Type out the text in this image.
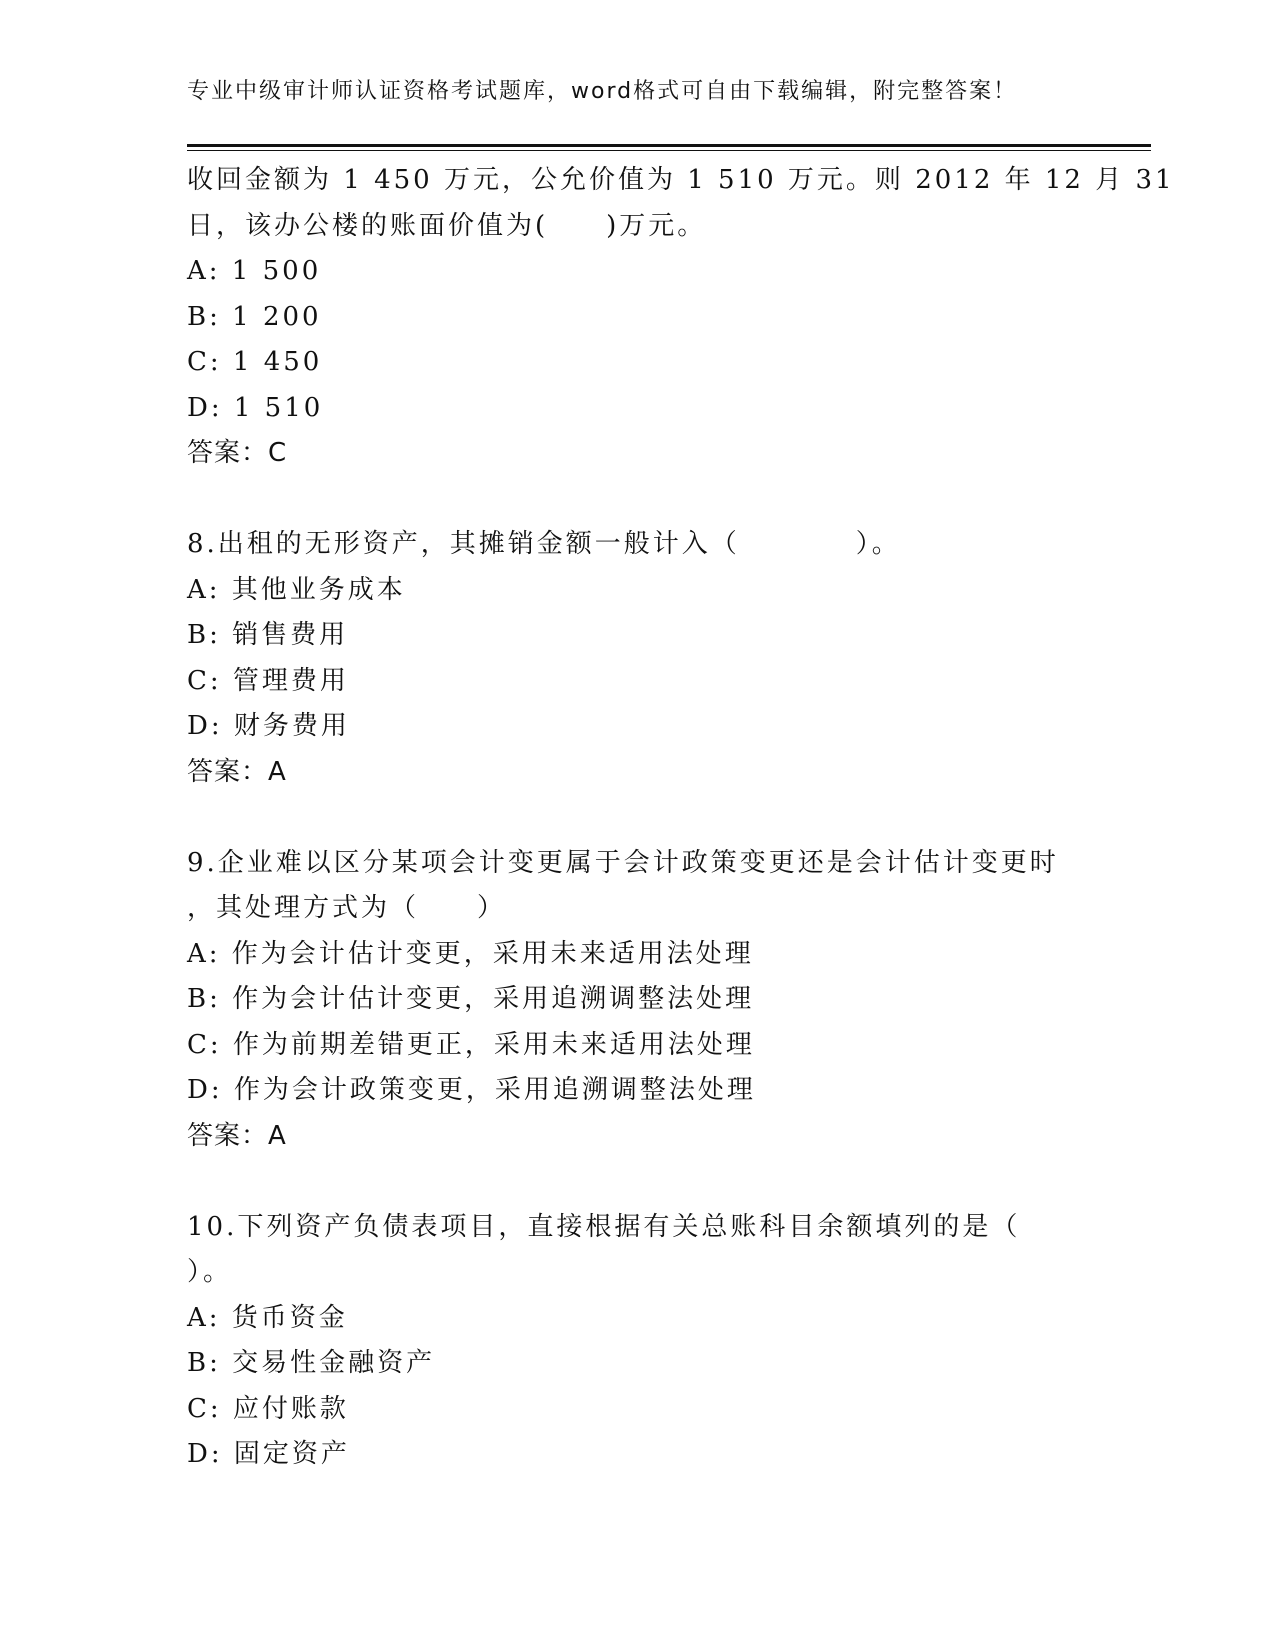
专业中级审计师认证资格考试题库，word格式可自由下载编辑，附完整答案！
收回金额为 1 450 万元，公允价值为 1 510 万元。则 2012 年 12 月 31
日，该办公楼的账面价值为(　　)万元。
A: 1 500
B: 1 200
C: 1 450
D: 1 510
答案：C
8.出租的无形资产，其摊销金额一般计入（　　　　）。
A: 其他业务成本
B: 销售费用
C: 管理费用
D: 财务费用
答案：A
9.企业难以区分某项会计变更属于会计政策变更还是会计估计变更时
，其处理方式为（　　）
A: 作为会计估计变更，采用未来适用法处理
B: 作为会计估计变更，采用追溯调整法处理
C: 作为前期差错更正，采用未来适用法处理
D: 作为会计政策变更，采用追溯调整法处理
答案：A
10.下列资产负债表项目，直接根据有关总账科目余额填列的是（
）。
A: 货币资金
B: 交易性金融资产
C: 应付账款
D: 固定资产
